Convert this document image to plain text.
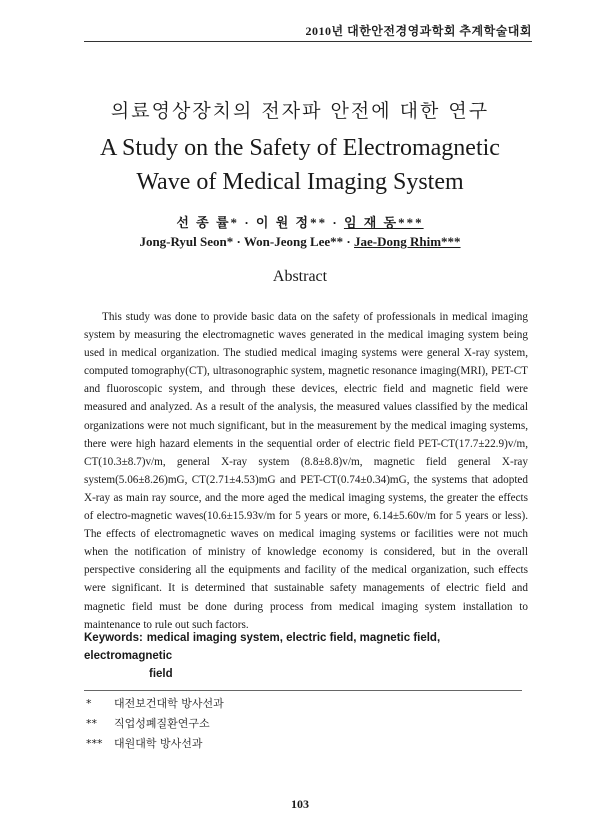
2010년 대한안전경영과학회 추계학술대회

의료영상장치의 전자파 안전에 대한 연구

A Study on the Safety of Electromagnetic
Wave of Medical Imaging System

선 종 률* · 이 원 정** · 임 재 동***
Jong-Ryul Seon* · Won-Jeong Lee** · Jae-Dong Rhim***
Abstract

This study was done to provide basic data on the safety of professionals in medical imaging system by measuring the electromagnetic waves generated in the medical imaging system being used in medical organization. The studied medical imaging systems were general X-ray system, computed tomography(CT), ultrasonographic system, magnetic resonance imaging(MRI), PET-CT and fluoroscopic system, and through these devices, electric field and magnetic field were measured and analyzed. As a result of the analysis, the measured values classified by the medical organizations were not much significant, but in the measurement by the medical imaging systems, there were high hazard elements in the sequential order of electric field PET-CT(17.7±22.9)v/m, CT(10.3±8.7)v/m, general X-ray system (8.8±8.8)v/m, magnetic field general X-ray system(5.06±8.26)mG, CT(2.71±4.53)mG and PET-CT(0.74±0.34)mG, the systems that adopted X-ray as main ray source, and the more aged the medical imaging systems, the greater the effects of electro-magnetic waves(10.6±15.93v/m for 5 years or more, 6.14±5.60v/m for 5 years or less). The effects of electromagnetic waves on medical imaging systems or facilities were not much when the notification of ministry of knowledge economy is considered, but in the overall perspective considering all the equipments and facility of the medical organization, such effects were significant. It is determined that sustainable safety managements of electric field and magnetic field must be done during process from medical imaging system installation to maintenance to rule out such factors.

Keywords: medical imaging system, electric field, magnetic field, electromagnetic
field
* 대전보건대학 방사선과
** 직업성폐질환연구소
*** 대원대학 방사선과
103
